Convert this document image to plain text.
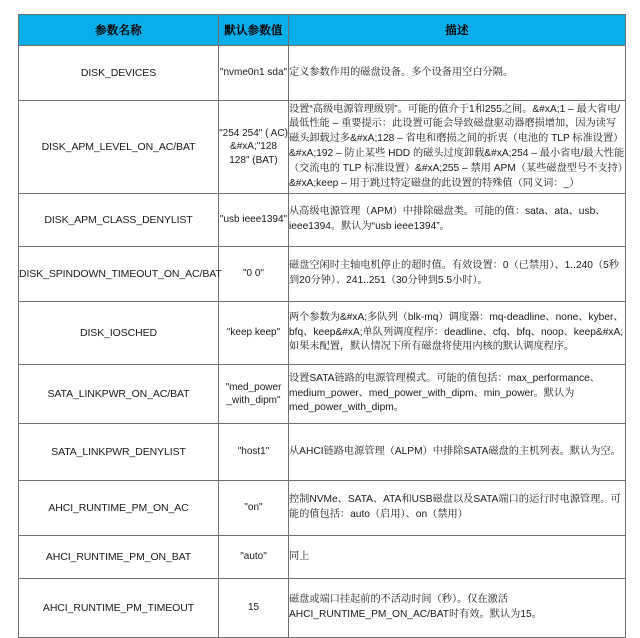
参数名称	默认参数值	描述
DISK_DEVICES	"nvme0n1 sda"	定义参数作用的磁盘设备。多个设备用空白分隔。
DISK_APM_LEVEL_ON_AC/BAT	"254 254" ( AC) &#xA;"128 128" (BAT)	设置“高级电源管理级别”。可能的值介于1和255之间。&#xA;1 – 最大省电/最低性能 – 重要提示：此设置可能会导致磁盘驱动器磨损增加，因为读写磁头卸载过多&#xA;128 – 省电和磨损之间的折衷（电池的 TLP 标准设置）&#xA;192 – 防止某些 HDD 的磁头过度卸载&#xA;254 – 最小省电/最大性能（交流电的 TLP 标准设置）&#xA;255 – 禁用 APM（某些磁盘型号不支持）&#xA;keep – 用于跳过特定磁盘的此设置的特殊值（同义词：_）
DISK_APM_CLASS_DENYLIST	"usb ieee1394"	从高级电源管理（APM）中排除磁盘类。可能的值：sata、ata、usb、ieee1394。默认为“usb ieee1394”。
DISK_SPINDOWN_TIMEOUT_ON_AC/BAT	"0 0"	磁盘空闲时主轴电机停止的超时值。有效设置：0（已禁用）、1..240（5秒到20分钟）、241..251（30分钟到5.5小时）。
DISK_IOSCHED	"keep keep"	两个参数为&#xA;多队列（blk-mq）调度器：mq-deadline、none、kyber、bfq、keep&#xA;单队列调度程序：deadline、cfq、bfq、noop、keep&#xA;如果未配置，默认情况下所有磁盘将使用内核的默认调度程序。
SATA_LINKPWR_ON_AC/BAT	"med_power _with_dipm"	设置SATA链路的电源管理模式。可能的值包括：max_performance、medium_power、med_power_with_dipm、min_power。默认为 med_power_with_dipm。
SATA_LINKPWR_DENYLIST	"host1"	从AHCI链路电源管理（ALPM）中排除SATA磁盘的主机列表。默认为空。
AHCI_RUNTIME_PM_ON_AC	"on"	控制NVMe、SATA、ATA和USB磁盘以及SATA端口的运行时电源管理。可能的值包括：auto（启用）、on（禁用）
AHCI_RUNTIME_PM_ON_BAT	"auto"	同上
AHCI_RUNTIME_PM_TIMEOUT	15	磁盘或端口挂起前的不活动时间（秒）。仅在激活 AHCI_RUNTIME_PM_ON_AC/BAT时有效。默认为15。
